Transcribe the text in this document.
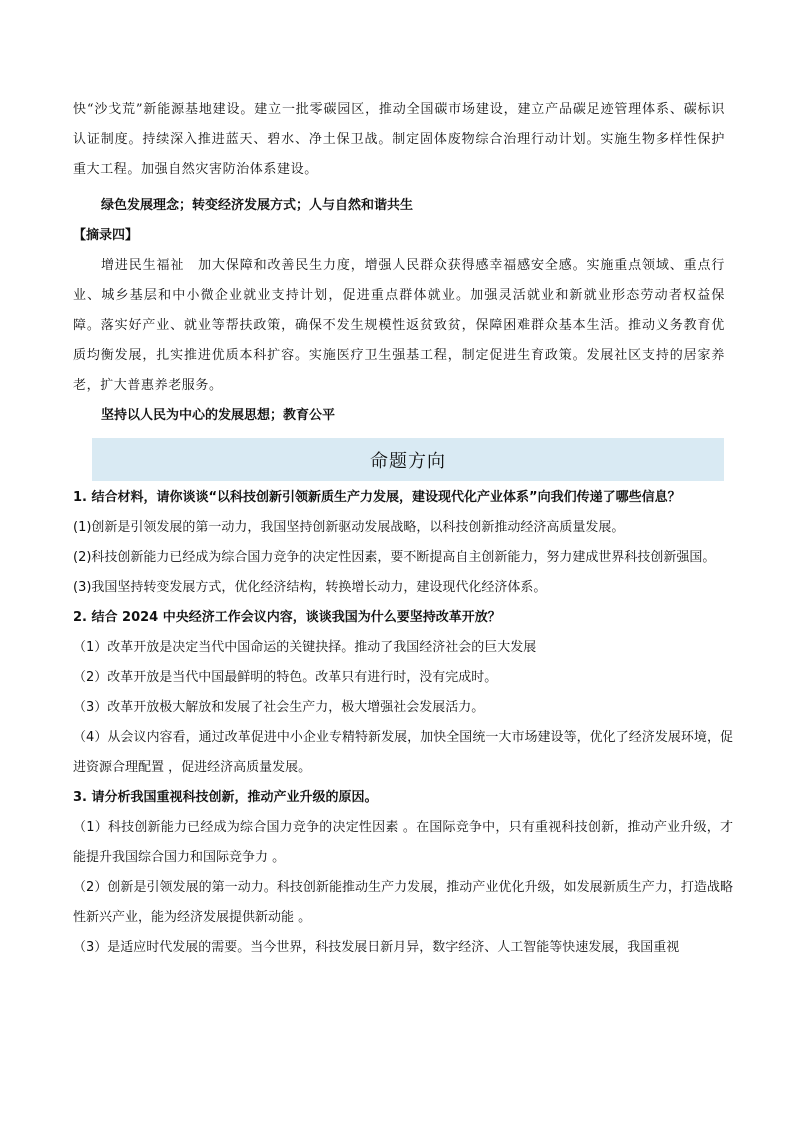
快“沙戈荒”新能源基地建设。建立一批零碳园区，推动全国碳市场建设，建立产品碳足迹管理体系、碳标识认证制度。持续深入推进蓝天、碧水、净土保卫战。制定固体废物综合治理行动计划。实施生物多样性保护重大工程。加强自然灾害防治体系建设。

绿色发展理念；转变经济发展方式；人与自然和谐共生

【摘录四】

增进民生福祉　加大保障和改善民生力度，增强人民群众获得感幸福感安全感。实施重点领域、重点行业、城乡基层和中小微企业就业支持计划，促进重点群体就业。加强灵活就业和新就业形态劳动者权益保障。落实好产业、就业等帮扶政策，确保不发生规模性返贫致贫，保障困难群众基本生活。推动义务教育优质均衡发展，扎实推进优质本科扩容。实施医疗卫生强基工程，制定促进生育政策。发展社区支持的居家养老，扩大普惠养老服务。

坚持以人民为中心的发展思想；教育公平

命题方向

1. 结合材料，请你谈谈“以科技创新引领新质生产力发展，建设现代化产业体系”向我们传递了哪些信息？

(1)创新是引领发展的第一动力，我国坚持创新驱动发展战略，以科技创新推动经济高质量发展。

(2)科技创新能力已经成为综合国力竞争的决定性因素，要不断提高自主创新能力，努力建成世界科技创新强国。

(3)我国坚持转变发展方式，优化经济结构，转换增长动力，建设现代化经济体系。

2. 结合 2024 中央经济工作会议内容，谈谈我国为什么要坚持改革开放？

（1）改革开放是决定当代中国命运的关键抉择。推动了我国经济社会的巨大发展

（2）改革开放是当代中国最鲜明的特色。改革只有进行时，没有完成时。

（3）改革开放极大解放和发展了社会生产力，极大增强社会发展活力。

（4）从会议内容看，通过改革促进中小企业专精特新发展，加快全国统一大市场建设等，优化了经济发展环境，促进资源合理配置 ，促进经济高质量发展。

3. 请分析我国重视科技创新，推动产业升级的原因。

（1）科技创新能力已经成为综合国力竞争的决定性因素 。在国际竞争中，只有重视科技创新，推动产业升级，才能提升我国综合国力和国际竞争力 。

（2）创新是引领发展的第一动力。科技创新能推动生产力发展，推动产业优化升级，如发展新质生产力，打造战略性新兴产业，能为经济发展提供新动能 。

（3）是适应时代发展的需要。当今世界，科技发展日新月异，数字经济、人工智能等快速发展，我国重视
